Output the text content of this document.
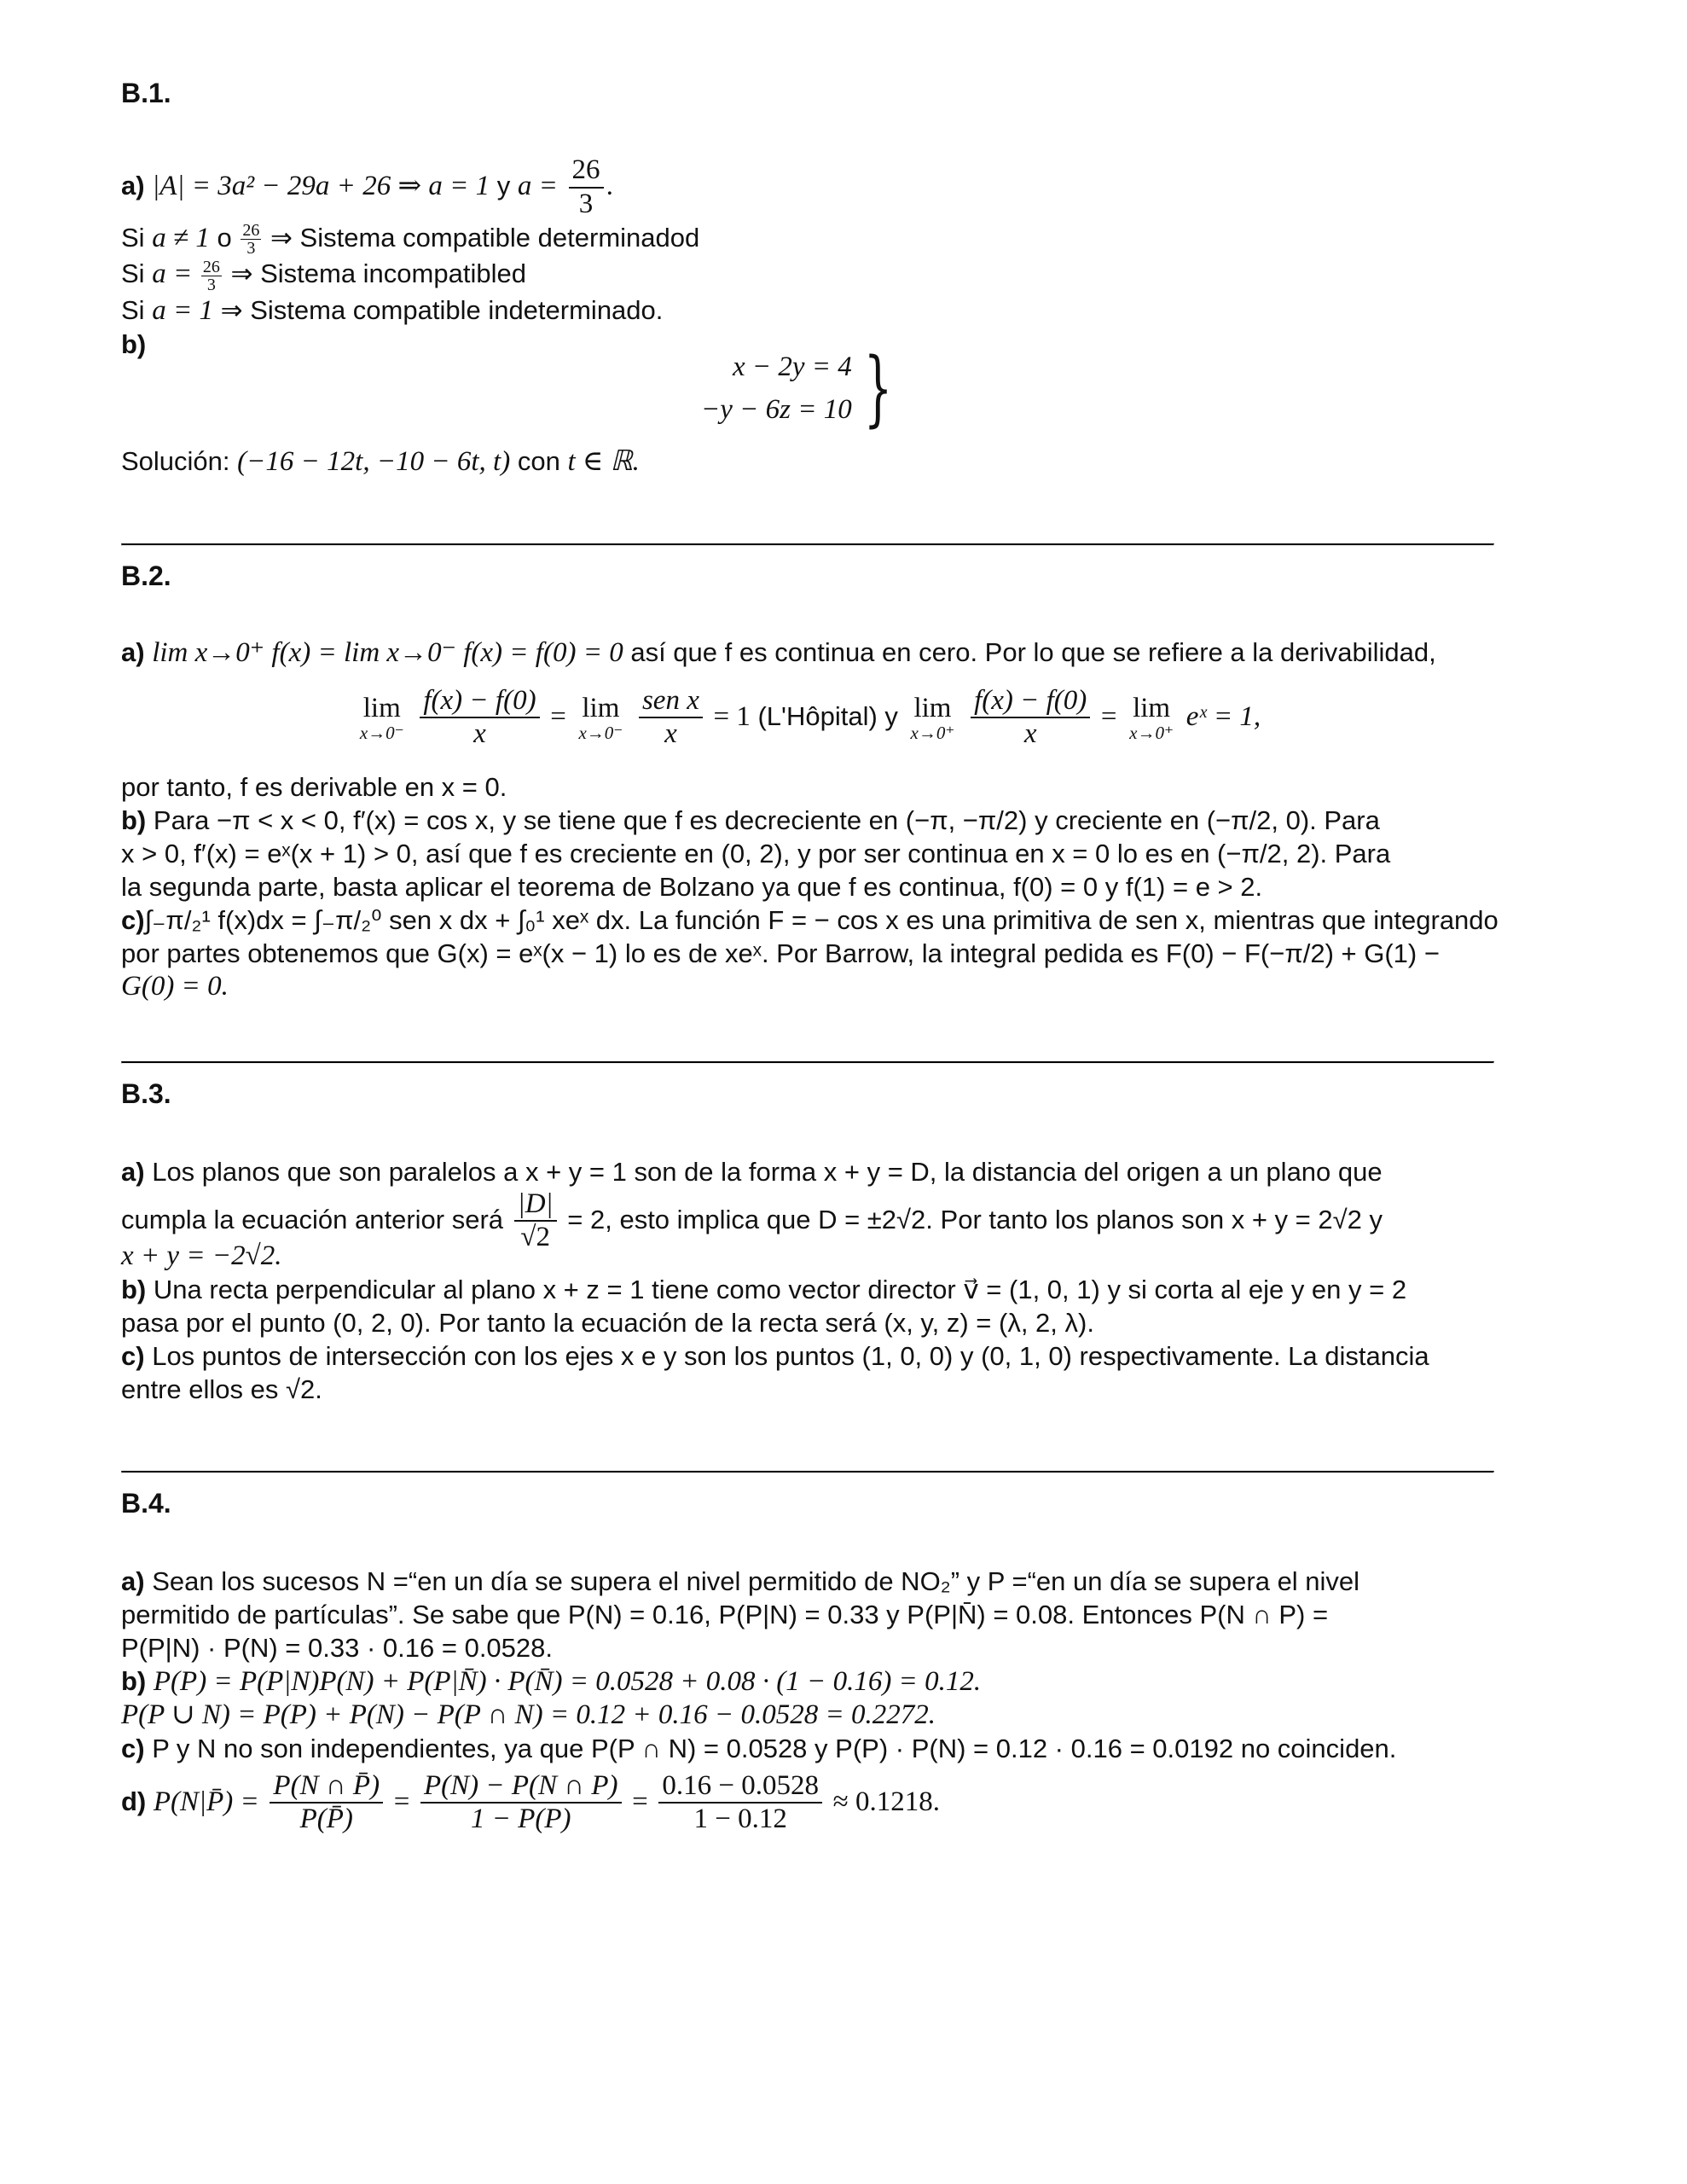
B.1.
a) |A| = 3a² − 29a + 26 ⇒ a = 1 y $a = \frac{26}{3}$ .
Si a ≠ 1 o $\frac{26}{3}$ ⇒ Sistema compatible determinadod
Si $a = \frac{26}{3}$ ⇒ Sistema incompatibled
Si a = 1 ⇒ Sistema compatible indeterminado.
b)
x − 2y = 4
−y − 6z = 10 }
Solución: (−16 − 12t, −10 − 6t, t) con t ∈ ℝ.
B.2.
a) lim x→0⁺ f(x) = lim x→0⁻ f(x) = f(0) = 0 así que f es continua en cero. Por lo que se refiere a la derivabilidad,
lim
x→0⁻
$\frac{f(x) - f(0)}{x} = \lim$
x→0⁻
$\frac{\text{sen x}}{x} = 1$ (L'Hôpital) y lim
x→0⁺
$\frac{f(x) - f(0)}{x} = \lim$
x→0⁺
eˣ = 1,
por tanto, f es derivable en x = 0.
b) Para −π < x < 0, f′(x) = cos x, y se tiene que f es decreciente en (−π, −π/2) y creciente en (−π/2, 0). Para
x > 0, f′(x) = eˣ(x + 1) > 0, así que f es creciente en (0, 2), y por ser continua en x = 0 lo es en (−π/2, 2). Para
la segunda parte, basta aplicar el teorema de Bolzano ya que f es continua, f(0) = 0 y f(1) = e > 2.
c)∫₋π/₂¹ f(x)dx = ∫₋π/₂⁰ sen x dx + ∫₀¹ xeˣ dx. La función F = − cos x es una primitiva de sen x, mientras que integrando
por partes obtenemos que G(x) = eˣ(x − 1) lo es de xeˣ. Por Barrow, la integral pedida es F(0) − F(−π/2) + G(1) −
G(0) = 0.
B.3.
a) Los planos que son paralelos a x + y = 1 son de la forma x + y = D, la distancia del origen a un plano que
cumpla la ecuación anterior será $\frac{|D|}{√2} = 2$, esto implica que D = ±2√2. Por tanto los planos son x + y = 2√2 y
x + y = −2√2.
b) Una recta perpendicular al plano x + z = 1 tiene como vector director v⃗ = (1, 0, 1) y si corta al eje y en y = 2
pasa por el punto (0, 2, 0). Por tanto la ecuación de la recta será (x, y, z) = (λ, 2, λ).
c) Los puntos de intersección con los ejes x e y son los puntos (1, 0, 0) y (0, 1, 0) respectivamente. La distancia
entre ellos es √2.
B.4.
a) Sean los sucesos N =“en un día se supera el nivel permitido de NO₂” y P =“en un día se supera el nivel
permitido de partículas”. Se sabe que P(N) = 0.16, P(P|N) = 0.33 y P(P|N̄) = 0.08. Entonces P(N ∩ P) =
P(P|N) · P(N) = 0.33 · 0.16 = 0.0528.
b) P(P) = P(P|N)P(N) + P(P|N̄) · P(N̄) = 0.0528 + 0.08 · (1 − 0.16) = 0.12.
P(P ∪ N) = P(P) + P(N) − P(P ∩ N) = 0.12 + 0.16 − 0.0528 = 0.2272.
c) P y N no son independientes, ya que P(P ∩ N) = 0.0528 y P(P) · P(N) = 0.12 · 0.16 = 0.0192 no coinciden.
d) P(N|P̄) = $\frac{P(N \cap P̄)}{P(P̄)} = \frac{P(N) - P(N \cap P)}{1 - P(P)} = \frac{0.16 - 0.0528}{1 - 0.12} \approx 0.1218$.
